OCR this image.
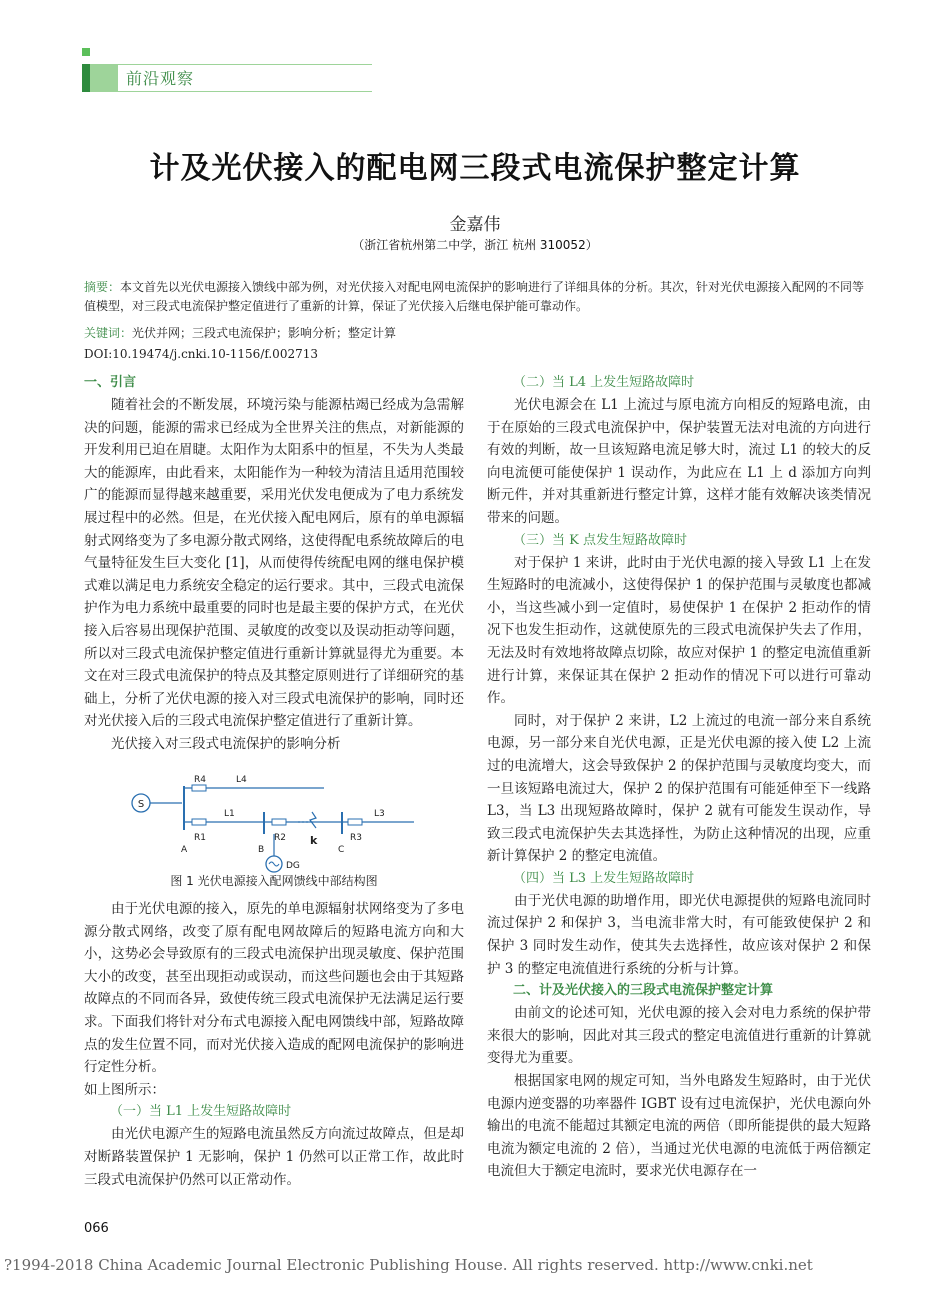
前沿观察
计及光伏接入的配电网三段式电流保护整定计算
金嘉伟
（浙江省杭州第二中学，浙江 杭州 310052）
摘要：本文首先以光伏电源接入馈线中部为例，对光伏接入对配电网电流保护的影响进行了详细具体的分析。其次，针对光伏电源接入配网的不同等值模型，对三段式电流保护整定值进行了重新的计算，保证了光伏接入后继电保护能可靠动作。
关键词：光伏并网；三段式电流保护；影响分析；整定计算
DOI:10.19474/j.cnki.10-1156/f.002713
一、引言

随着社会的不断发展，环境污染与能源枯竭已经成为急需解决的问题，能源的需求已经成为全世界关注的焦点，对新能源的开发利用已迫在眉睫。太阳作为太阳系中的恒星，不失为人类最大的能源库，由此看来，太阳能作为一种较为清洁且适用范围较广的能源而显得越来越重要，采用光伏发电便成为了电力系统发展过程中的必然。但是，在光伏接入配电网后，原有的单电源辐射式网络变为了多电源分散式网络，这使得配电系统故障后的电气量特征发生巨大变化 [1]，从而使得传统配电网的继电保护模式难以满足电力系统安全稳定的运行要求。其中，三段式电流保护作为电力系统中最重要的同时也是最主要的保护方式，在光伏接入后容易出现保护范围、灵敏度的改变以及误动拒动等问题，所以对三段式电流保护整定值进行重新计算就显得尤为重要。本文在对三段式电流保护的特点及其整定原则进行了详细研究的基础上，分析了光伏电源的接入对三段式电流保护的影响，同时还对光伏接入后的三段式电流保护整定值进行了重新计算。

光伏接入对三段式电流保护的影响分析

S
R4	L4
L1
R1	R2 k	R3
L3
A	B	C
DG
图 1 光伏电源接入配网馈线中部结构图

由于光伏电源的接入，原先的单电源辐射状网络变为了多电源分散式网络，改变了原有配电网故障后的短路电流方向和大小，这势必会导致原有的三段式电流保护出现灵敏度、保护范围大小的改变，甚至出现拒动或误动，而这些问题也会由于其短路故障点的不同而各异，致使传统三段式电流保护无法满足运行要求。下面我们将针对分布式电源接入配电网馈线中部，短路故障点的发生位置不同，而对光伏接入造成的配网电流保护的影响进行定性分析。

如上图所示：
（一）当 L1 上发生短路故障时

由光伏电源产生的短路电流虽然反方向流过故障点，但是却对断路装置保护 1 无影响，保护 1 仍然可以正常工作，故此时三段式电流保护仍然可以正常动作。

（二）当 L4 上发生短路故障时

光伏电源会在 L1 上流过与原电流方向相反的短路电流，由于在原始的三段式电流保护中，保护装置无法对电流的方向进行有效的判断，故一旦该短路电流足够大时，流过 L1 的较大的反向电流便可能使保护 1 误动作，为此应在 L1 上 d 添加方向判断元件，并对其重新进行整定计算，这样才能有效解决该类情况带来的问题。

（三）当 K 点发生短路故障时

对于保护 1 来讲，此时由于光伏电源的接入导致 L1 上在发生短路时的电流减小，这使得保护 1 的保护范围与灵敏度也都减小，当这些减小到一定值时，易使保护 1 在保护 2 拒动作的情况下也发生拒动作，这就使原先的三段式电流保护失去了作用，无法及时有效地将故障点切除，故应对保护 1 的整定电流值重新进行计算，来保证其在保护 2 拒动作的情况下可以进行可靠动作。

同时，对于保护 2 来讲，L2 上流过的电流一部分来自系统电源，另一部分来自光伏电源，正是光伏电源的接入使 L2 上流过的电流增大，这会导致保护 2 的保护范围与灵敏度均变大，而一旦该短路电流过大，保护 2 的保护范围有可能延伸至下一线路 L3，当 L3 出现短路故障时，保护 2 就有可能发生误动作，导致三段式电流保护失去其选择性，为防止这种情况的出现，应重新计算保护 2 的整定电流值。

（四）当 L3 上发生短路故障时

由于光伏电源的助增作用，即光伏电源提供的短路电流同时流过保护 2 和保护 3，当电流非常大时，有可能致使保护 2 和保护 3 同时发生动作，使其失去选择性，故应该对保护 2 和保护 3 的整定电流值进行系统的分析与计算。

二、计及光伏接入的三段式电流保护整定计算

由前文的论述可知，光伏电源的接入会对电力系统的保护带来很大的影响，因此对其三段式的整定电流值进行重新的计算就变得尤为重要。

根据国家电网的规定可知，当外电路发生短路时，由于光伏电源内逆变器的功率器件 IGBT 设有过电流保护，光伏电源向外输出的电流不能超过其额定电流的两倍（即所能提供的最大短路电流为额定电流的 2 倍），当通过光伏电源的电流低于两倍额定电流但大于额定电流时，要求光伏电源存在一

066
?1994-2018 China Academic Journal Electronic Publishing House. All rights reserved. http://www.cnki.net
